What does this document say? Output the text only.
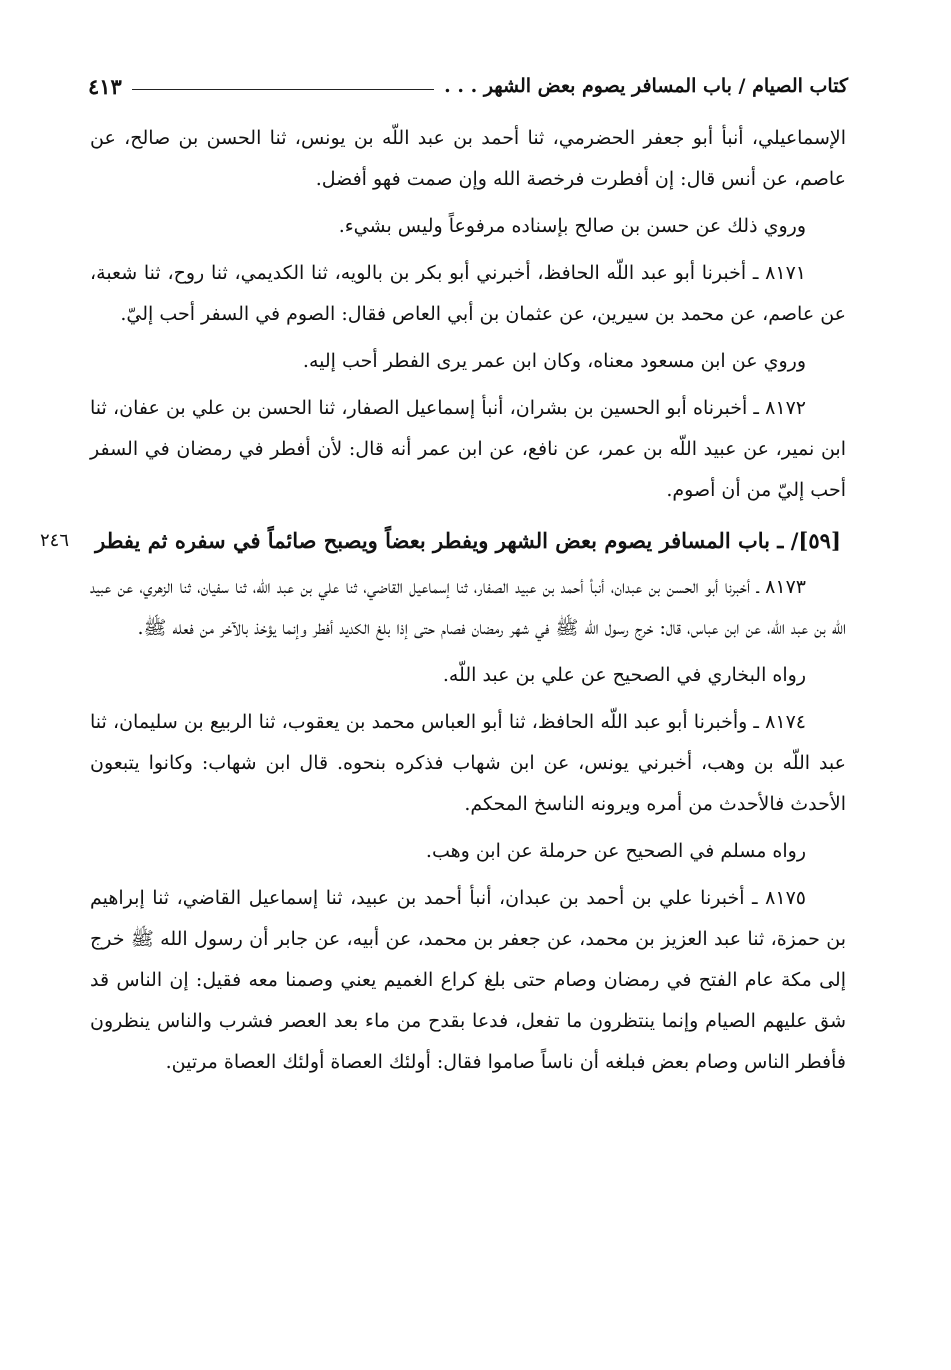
كتاب الصيام / باب المسافر يصوم بعض الشهر . . .
٤١٣

الإسماعيلي، أنبأ أبو جعفر الحضرمي، ثنا أحمد بن عبد اللّه بن يونس، ثنا الحسن بن صالح، عن عاصم، عن أنس قال: إن أفطرت فرخصة الله وإن صمت فهو أفضل.

وروي ذلك عن حسن بن صالح بإسناده مرفوعاً وليس بشيء.

٨١٧١ ـ أخبرنا أبو عبد اللّه الحافظ، أخبرني أبو بكر بن بالويه، ثنا الكديمي، ثنا روح، ثنا شعبة، عن عاصم، عن محمد بن سيرين، عن عثمان بن أبي العاص فقال: الصوم في السفر أحب إليّ.

وروي عن ابن مسعود معناه، وكان ابن عمر يرى الفطر أحب إليه.

٨١٧٢ ـ أخبرناه أبو الحسين بن بشران، أنبأ إسماعيل الصفار، ثنا الحسن بن علي بن عفان، ثنا ابن نمير، عن عبيد اللّه بن عمر، عن نافع، عن ابن عمر أنه قال: لأن أفطر في رمضان في السفر أحب إليّ من أن أصوم.

[٥٩]/ ـ باب المسافر يصوم بعض الشهر ويفطر بعضاً ويصبح صائماً في سفره ثم يفطر
٢٤٦

٨١٧٣ ـ أخبرنا أبو الحسن بن عبدان، أنبأ أحمد بن عبيد الصفار، ثنا إسماعيل القاضي، ثنا علي بن عبد اللّه، ثنا سفيان، ثنا الزهري، عن عبيد اللّه بن عبد اللّه، عن ابن عباس، قال: خرج رسول الله ﷺ في شهر رمضان فصام حتى إذا بلغ الكديد أفطر وإنما يؤخذ بالآخر من فعله ﷺ.

رواه البخاري في الصحيح عن علي بن عبد اللّه.

٨١٧٤ ـ وأخبرنا أبو عبد اللّه الحافظ، ثنا أبو العباس محمد بن يعقوب، ثنا الربيع بن سليمان، ثنا عبد اللّه بن وهب، أخبرني يونس، عن ابن شهاب فذكره بنحوه. قال ابن شهاب: وكانوا يتبعون الأحدث فالأحدث من أمره ويرونه الناسخ المحكم.

رواه مسلم في الصحيح عن حرملة عن ابن وهب.

٨١٧٥ ـ أخبرنا علي بن أحمد بن عبدان، أنبأ أحمد بن عبيد، ثنا إسماعيل القاضي، ثنا إبراهيم بن حمزة، ثنا عبد العزيز بن محمد، عن جعفر بن محمد، عن أبيه، عن جابر أن رسول الله ﷺ خرج إلى مكة عام الفتح في رمضان وصام حتى بلغ كراع الغميم يعني وصمنا معه فقيل: إن الناس قد شق عليهم الصيام وإنما ينتظرون ما تفعل، فدعا بقدح من ماء بعد العصر فشرب والناس ينظرون فأفطر الناس وصام بعض فبلغه أن ناساً صاموا فقال: أولئك العصاة أولئك العصاة مرتين.
